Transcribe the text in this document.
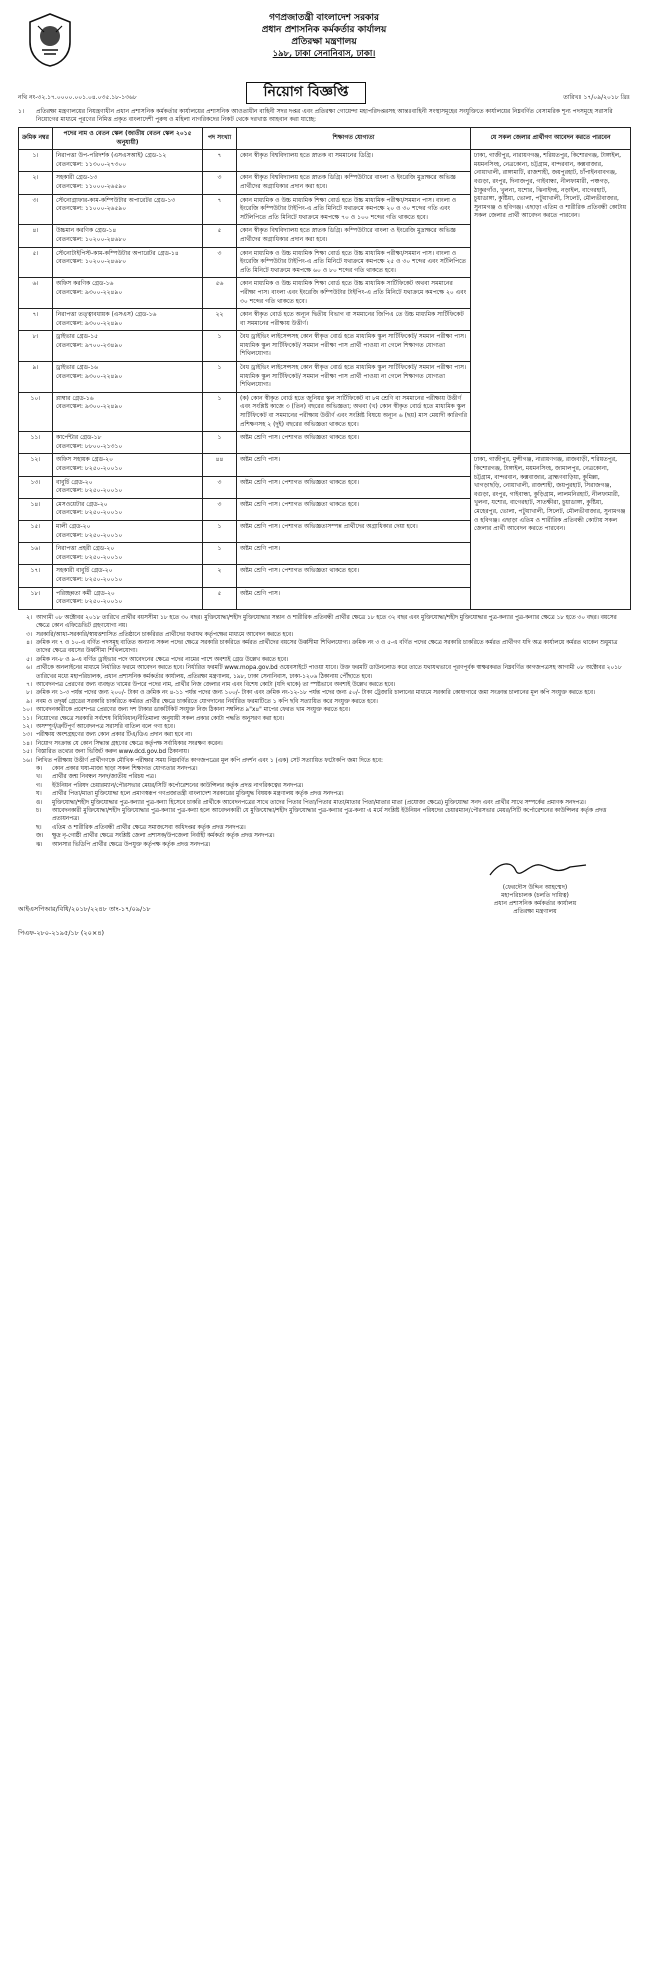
গণপ্রজাতন্ত্রী বাংলাদেশ সরকার
প্রধান প্রশাসনিক কর্মকর্তার কার্যালয়
প্রতিরক্ষা মন্ত্রণালয়
১৯৮, ঢাকা সেনানিবাস, ঢাকা।
নথি নং-৩২.১৭.০০০০.০০১.০৪.০৩৫.১৮-১৩৬৮	নিয়োগ বিজ্ঞপ্তি	তারিখঃ ১৭/০৯/২০১৮ খ্রিঃ
১।	প্রতিরক্ষা মন্ত্রণালয়ের নিয়ন্ত্রণাধীন প্রধান প্রশাসনিক কর্মকর্তার কার্যালয়ের প্রশাসনিক আওতাধীন বাহিনী সদর দপ্তর এবং প্রতিরক্ষা গোয়েন্দা মহাপরিদপ্তরসহ আন্তঃবাহিনী সংস্থাসমূহের সংযুক্তিতে কার্যালয়ের নিম্নবর্ণিত বেসামরিক শূন্য পদসমূহে সরাসরি নিয়োগের মাধ্যমে পূরণের নিমিত্ত প্রকৃত বাংলাদেশী পুরুষ ও মহিলা নাগরিকদের নিকট থেকে দরখাস্ত আহবান করা যাচ্ছে:
ক্রমিক নম্বর	পদের নাম ও বেতন স্কেল (জাতীয় বেতন স্কেল ২০১৫ অনুযায়ী)	পদ সংখ্যা	শিক্ষাগত যোগ্যতা	যে সকল জেলার প্রার্থীগণ আবেদন করতে পারবেন
১।	নিরাপত্তা উপ-পরিদর্শক (এসএসআই) গ্রেড-১২
বেতনস্কেল: ১১৩০০-২৭৩০০	৭	কোন স্বীকৃত বিশ্ববিদ্যালয় হতে স্নাতক বা সমমানের ডিগ্রি।	ঢাকা, গাজীপুর, নারায়ণগঞ্জ, শরিয়তপুর, কিশোরগঞ্জ, টাঙ্গাইল, ময়মনসিংহ, নেত্রকোনা, চট্টগ্রাম, বান্দরবান, কক্সবাজার, নোয়াখালী, রাঙ্গামাটি, রাজশাহী, জয়পুরহাট, চাঁপাইনবাবগঞ্জ, বগুড়া, রংপুর, দিনাজপুর, গাইবান্ধা, নীলফামারী, পঞ্চগড়, ঠাকুরগাঁও, খুলনা, যশোর, ঝিনাইদহ, নড়াইল, বাগেরহাট, চুয়াডাঙ্গা, কুষ্টিয়া, ভোলা, পটুয়াখালী, সিলেট, মৌলভীবাজার, সুনামগঞ্জ ও হবিগঞ্জ। এছাড়া এতিম ও শারীরিক প্রতিবন্ধী কোটায় সকল জেলার প্রার্থী আবেদন করতে পারবেন।
২।	সহকারী গ্রেড-১৩
বেতনস্কেল: ১১০০০-২৬৫৯০	৩	কোন স্বীকৃত বিশ্ববিদ্যালয় হতে স্নাতক ডিগ্রি। কম্পিউটারে বাংলা ও ইংরেজি মুদ্রাক্ষরে অভিজ্ঞ প্রার্থীদের অগ্রাধিকার প্রদান করা হবে।	
৩।	স্টেনোগ্রাফার-কাম-কম্পিউটার অপারেটর গ্রেড-১৩
বেতনস্কেল: ১১০০০-২৬৫৯০	৭	কোন মাধ্যমিক ও উচ্চ মাধ্যমিক শিক্ষা বোর্ড হতে উচ্চ মাধ্যমিক পরীক্ষা/সমমান পাস। বাংলা ও ইংরেজি কম্পিউটার টাইপিং-এ প্রতি মিনিটে যথাক্রমে কমপক্ষে ২০ ও ৩০ শব্দের গতি এবং সর্টলিপিতে প্রতি মিনিটে যথাক্রমে কমপক্ষে ৭০ ও ১০০ শব্দের গতি থাকতে হবে।	
৪।	উচ্চমান করণিক গ্রেড-১৪
বেতনস্কেল: ১০২০০-২৪৬৮০	৫	কোন স্বীকৃত বিশ্ববিদ্যালয় হতে স্নাতক ডিগ্রি। কম্পিউটারে বাংলা ও ইংরেজি মুদ্রাক্ষরে অভিজ্ঞ প্রার্থীদের অগ্রাধিকার প্রদান করা হবে।	
৫।	স্টেনোটাইপিস্ট-কাম-কম্পিউটার অপারেটর গ্রেড-১৪
বেতনস্কেল: ১০২০০-২৪৬৮০	৩	কোন মাধ্যমিক ও উচ্চ মাধ্যমিক শিক্ষা বোর্ড হতে উচ্চ মাধ্যমিক পরীক্ষা/সমমান পাস। বাংলা ও ইংরেজি কম্পিউটার টাইপিং-এ প্রতি মিনিটে যথাক্রমে কমপক্ষে ২৫ ও ৩০ শব্দের এবং সর্টলিপিতে প্রতি মিনিটে যথাক্রমে কমপক্ষে ৬০ ও ৮০ শব্দের গতি থাকতে হবে।	
৬।	অফিস করণিক গ্রেড-১৬
বেতনস্কেল: ৯৩০০-২২৪৯০	৫৬	কোন মাধ্যমিক ও উচ্চ মাধ্যমিক শিক্ষা বোর্ড হতে উচ্চ মাধ্যমিক সার্টিফিকেট অথবা সমমানের পরীক্ষা পাস। বাংলা এবং ইংরেজি কম্পিউটার টাইপিং-এ প্রতি মিনিটে যথাক্রমে কমপক্ষে ২০ এবং ৩০ শব্দের গতি থাকতে হবে।	
৭।	নিরাপত্তা তত্ত্বাবধায়ক (এসএস) গ্রেড-১৬
বেতনস্কেল: ৯৩০০-২২৪৯০	২২	কোন স্বীকৃত বোর্ড হতে অন্যূন দ্বিতীয় বিভাগ বা সমমানের জিপিএ তে উচ্চ মাধ্যমিক সার্টিফিকেট বা সমমানের পরীক্ষায় উত্তীর্ণ।	
৮।	ড্রাইভার গ্রেড-১৫
বেতনস্কেল: ৯৭০০-২৩৪৯০	১	বৈধ ড্রাইভিং লাইসেন্সসহ কোন স্বীকৃত বোর্ড হতে মাধ্যমিক স্কুল সার্টিফিকেট/ সমমান পরীক্ষা পাস। মাধ্যমিক স্কুল সার্টিফিকেট/ সমমান পরীক্ষা পাস প্রার্থী পাওয়া না গেলে শিক্ষাগত যোগ্যতা শিথিলযোগ্য।	
৯।	ড্রাইভার গ্রেড-১৬
বেতনস্কেল: ৯৩০০-২২৪৯০	১	বৈধ ড্রাইভিং লাইসেন্সসহ কোন স্বীকৃত বোর্ড হতে মাধ্যমিক স্কুল সার্টিফিকেট/ সমমান পরীক্ষা পাস। মাধ্যমিক স্কুল সার্টিফিকেট/ সমমান পরীক্ষা পাস প্রার্থী পাওয়া না গেলে শিক্ষাগত যোগ্যতা শিথিলযোগ্য।	
১০।	প্লাম্বার গ্রেড-১৬
বেতনস্কেল: ৯৩০০-২২৪৯০	১	(ক) কোন স্বীকৃত বোর্ড হতে জুনিয়র স্কুল সার্টিফিকেট বা ৮ম শ্রেণি বা সমমানের পরীক্ষায় উত্তীর্ণ এবং সংশ্লিষ্ট কাজে ৩ (তিন) বছরের অভিজ্ঞতা; অথবা (খ) কোন স্বীকৃত বোর্ড হতে মাধ্যমিক স্কুল সার্টিফিকেট বা সমমানের পরীক্ষায় উত্তীর্ণ এবং সংশ্লিষ্ট বিষয়ে অন্যূন ৬ (ছয়) মাস মেয়াদী কারিগরি প্রশিক্ষণসহ ২ (দুই) বছরের অভিজ্ঞতা থাকতে হবে।	
১১।	কার্পেন্টার গ্রেড-১৮
বেতনস্কেল: ৮৮০০-২১৩১০	১	অষ্টম শ্রেণি পাস। পেশাগত অভিজ্ঞতা থাকতে হবে।	
১২।	অফিস সহায়ক গ্রেড-২০
বেতনস্কেল: ৮২৫০-২০০১০	৪৪	অষ্টম শ্রেণি পাস।	ঢাকা, গাজীপুর, মুন্সীগঞ্জ, নারায়ণগঞ্জ, রাজবাড়ী, শরিয়তপুর, কিশোরগঞ্জ, টাঙ্গাইল, ময়মনসিংহ, জামালপুর, নেত্রকোনা, চট্টগ্রাম, বান্দরবান, কক্সবাজার, ব্রাহ্মণবাড়িয়া, কুমিল্লা, খাগড়াছড়ি, নোয়াখালী, রাজশাহী, জয়পুরহাট, সিরাজগঞ্জ, বগুড়া, রংপুর, গাইবান্ধা, কুড়িগ্রাম, লালমনিরহাট, নীলফামারী, খুলনা, যশোর, বাগেরহাট, সাতক্ষীরা, চুয়াডাঙ্গা, কুষ্টিয়া, মেহেরপুর, ভোলা, পটুয়াখালী, সিলেট, মৌলভীবাজার, সুনামগঞ্জ ও হবিগঞ্জ। এছাড়া এতিম ও শারীরিক প্রতিবন্ধী কোটায় সকল জেলার প্রার্থী আবেদন করতে পারবেন।
১৩।	বাবুর্চি গ্রেড-২০
বেতনস্কেল: ৮২৫০-২০০১০	৩	অষ্টম শ্রেণি পাস। পেশাগত অভিজ্ঞতা থাকতে হবে।	
১৪।	মেসওয়েটার গ্রেড-২০
বেতনস্কেল: ৮২৫০-২০০১০	৩	অষ্টম শ্রেণি পাস। পেশাগত অভিজ্ঞতা থাকতে হবে।	
১৫।	মালী গ্রেড-২০
বেতনস্কেল: ৮২৫০-২০০১০	১	অষ্টম শ্রেণি পাস। পেশাগত অভিজ্ঞতাসম্পন্ন প্রার্থীদের অগ্রাধিকার দেয়া হবে।	
১৬।	নিরাপত্তা প্রহরী গ্রেড-২০
বেতনস্কেল: ৮২৫০-২০০১০	১	অষ্টম শ্রেণি পাস।	
১৭।	সহকারী বাবুর্চি গ্রেড-২০
বেতনস্কেল: ৮২৫০-২০০১০	২	অষ্টম শ্রেণি পাস। পেশাগত অভিজ্ঞতা থাকতে হবে।	
১৮।	পরিচ্ছন্নতা কর্মী গ্রেড-২০
বেতনস্কেল: ৮২৫০-২০০১০	৫	অষ্টম শ্রেণি পাস।	
২। আগামী ০৮ অক্টোবর ২০১৮ তারিখে প্রার্থীর বয়সসীমা ১৮ হতে ৩০ বছর। মুক্তিযোদ্ধা/শহীদ মুক্তিযোদ্ধার সন্তান ও শারীরিক প্রতিবন্ধী প্রার্থীর ক্ষেত্রে ১৮ হতে ৩২ বছর এবং মুক্তিযোদ্ধা/শহীদ মুক্তিযোদ্ধার পুত্র-কন্যার পুত্র-কন্যার ক্ষেত্রে ১৮ হতে ৩০ বছর। বয়সের ক্ষেত্রে কোন এফিডেভিট গ্রহণযোগ্য নয়।
৩। সরকারি/আধা-সরকারি/স্বায়ত্তশাসিত প্রতিষ্ঠানে চাকরিরত প্রার্থীদের যথাযথ কর্তৃপক্ষের মাধ্যমে আবেদন করতে হবে।
৪। ক্রমিক নং ৭ ও ১০-এ বর্ণিত পদসমূহ ব্যতিত অন্যান্য সকল পদের ক্ষেত্রে সরকারি চাকরিতে কর্মরত প্রার্থীদের বয়সের উর্ধ্বসীমা শিথিলযোগ্য। ক্রমিক নং ৩ ও ৫-এ বর্ণিত পদের ক্ষেত্রে সরকারি চাকরিতে কর্মরত প্রার্থীগণ যদি অত্র কার্যালয়ে কর্মরত থাকেন শুধুমাত্র তাদের ক্ষেত্রে বয়সের উর্ধ্বসীমা শিথিলযোগ্য।
৫। ক্রমিক নং-৮ ও ৯-এ বর্ণিত ড্রাইভার পদে আবেদনের ক্ষেত্রে পদের নামের পাশে অবশ্যই গ্রেড উল্লেখ করতে হবে।
৬। প্রার্থীকে অনলাইনের মাধ্যমে নির্ধারিত ফরমে আবেদন করতে হবে। নির্ধারিত ফরমটি www.mopa.gov.bd ওয়েবসাইটে পাওয়া যাবে। উক্ত ফরমটি ডাউনলোড করে তাতে যথাযথভাবে পূরণপূর্বক স্বাক্ষরকরত নিম্নবর্ণিত কাগজপত্রসহ আগামী ০৮ অক্টোবর ২০১৮ তারিখের মধ্যে মহাপরিচালক, প্রধান প্রশাসনিক কর্মকর্তার কার্যালয়, প্রতিরক্ষা মন্ত্রণালয়, ১৯৮, ঢাকা সেনানিবাস, ঢাকা-১২০৬ ঠিকানায় পৌঁছাতে হবে।
৭। আবেদনপত্র প্রেরণের জন্য ব্যবহৃত খামের উপরে পদের নাম, প্রার্থীর নিজ জেলার নাম এবং বিশেষ কোটা (যদি থাকে) তা স্পষ্টভাবে অবশ্যই উল্লেখ করতে হবে।
৮। ক্রমিক নং ১-৩ পর্যন্ত পদের জন্য ২০০/- টাকা ও ক্রমিক নং ৪-১১ পর্যন্ত পদের জন্য ১০০/- টাকা এবং ক্রমিক নং-১২-১৮ পর্যন্ত পদের জন্য ৫০/- টাকা ট্রেজারি চালানের মাধ্যমে সরকারি কোষাগারে জমা সংক্রান্ত চালানের মূল কপি সংযুক্ত করতে হবে।
৯। নবম ও তদূর্ধ্ব গ্রেডের সরকারি চাকরিতে কর্মরত প্রার্থীর ক্ষেত্রে চাকরিতে যোগদানের নির্ধারিত ফরমাটিতে ১ কপি ছবি সত্যায়িত করে সংযুক্ত করতে হবে।
১০। আবেদনকারীকে প্রবেশপত্র প্রেরণের জন্য দশ টাকার ডাকটিকিট সংযুক্ত নিজ ঠিকানা সম্বলিত ৯"x৪" মাপের ফেরত খাম সংযুক্ত করতে হবে।
১১। নিয়োগের ক্ষেত্রে সরকারি সর্বশেষ বিধিবিধান/নীতিমালা অনুযায়ী সকল প্রকার কোটা পদ্ধতি অনুসরণ করা হবে।
১২। অসম্পূর্ণ/ত্রুটিপূর্ণ আবেদনপত্র সরাসরি বাতিল বলে গণ্য হবে।
১৩। পরীক্ষায় অংশগ্রহণের জন্য কোন প্রকার টিএ/ডিএ প্রদান করা হবে না।
১৪। নিয়োগ সংক্রান্ত যে কোন সিদ্ধান্ত গ্রহণের ক্ষেত্রে কর্তৃপক্ষ সর্বাধিকার সংরক্ষণ করেন।
১৫। বিস্তারিত তথ্যের জন্য ভিজিট করুন www.dcd.gov.bd ঠিকানায়।
১৬। লিখিত পরীক্ষায় উত্তীর্ণ প্রার্থীগণকে মৌখিক পরীক্ষার সময় নিম্নবর্ণিত কাগজপত্রের মূল কপি প্রদর্শন এবং ১ (এক) সেট সত্যায়িত ফটোকপি জমা দিতে হবে:
ক।	কোন প্রকার ঘষা-মাজা ছাড়া সকল শিক্ষাগত যোগ্যতার সনদপত্র।
খ।	প্রার্থীর জন্ম নিবন্ধন সনদ/জাতীয় পরিচয় পত্র।
গ।	ইউনিয়ন পরিষদ চেয়ারম্যান/পৌরসভার মেয়র/সিটি কর্পোরেশনের কাউন্সিলর কর্তৃক প্রদত্ত নাগরিকত্বের সনদপত্র।
ঘ।	প্রার্থীর পিতা/মাতা মুক্তিযোদ্ধা হলে প্রমাণস্বরূপ গণপ্রজাতন্ত্রী বাংলাদেশ সরকারের মুক্তিযুদ্ধ বিষয়ক মন্ত্রণালয় কর্তৃক প্রদত্ত সনদপত্র।
ঙ।	মুক্তিযোদ্ধা/শহীদ মুক্তিযোদ্ধার পুত্র-কন্যার পুত্র-কন্যা হিসেবে চাকরি প্রার্থীকে আবেদনপত্রের সাথে তাদের পিতার পিতা/পিতার মাতা/মাতার পিতা/মাতার মাতা (প্রযোজ্য ক্ষেত্রে) মুক্তিযোদ্ধা সনদ এবং প্রার্থীর সাথে সম্পর্কের প্রমাণক সনদপত্র।
চ।	আবেদনকারী মুক্তিযোদ্ধা/শহীদ মুক্তিযোদ্ধার পুত্র-কন্যার পুত্র-কন্যা হলে আবেদনকারী যে মুক্তিযোদ্ধা/শহীদ মুক্তিযোদ্ধার পুত্র-কন্যার পুত্র-কন্যা এ মর্মে সংশ্লিষ্ট ইউনিয়ন পরিষদের চেয়ারম্যান/পৌরসভার মেয়র/সিটি কর্পোরেশনের কাউন্সিলর কর্তৃক প্রদত্ত প্রত্যয়নপত্র।
ছ।	এতিম ও শারীরিক প্রতিবন্ধী প্রার্থীর ক্ষেত্রে সমাজসেবা অধিদপ্তর কর্তৃক প্রদত্ত সনদপত্র।
জ।	ক্ষুদ্র নৃ-গোষ্ঠী প্রার্থীর ক্ষেত্রে সংশ্লিষ্ট জেলা প্রশাসক/উপজেলা নির্বাহী কর্মকর্তা কর্তৃক প্রদত্ত সনদপত্র।
ঝ।	আনসার ভিডিপি প্রার্থীর ক্ষেত্রে উপযুক্ত কর্তৃপক্ষ কর্তৃক প্রদত্ত সনদপত্র।
(ফেরদৌস উদ্দিন আহম্মেদ)
মহাপরিচালক (চলতি দায়িত্ব)
প্রধান প্রশাসনিক কর্মকর্তার কার্যালয়
প্রতিরক্ষা মন্ত্রণালয়
আইএসপিআর/বিধি/২০১৮/২২৪৮ তাং-১৭/০৯/১৮
পিএফ-২৮০-২১৯৫/১৮ (২০×৪)
